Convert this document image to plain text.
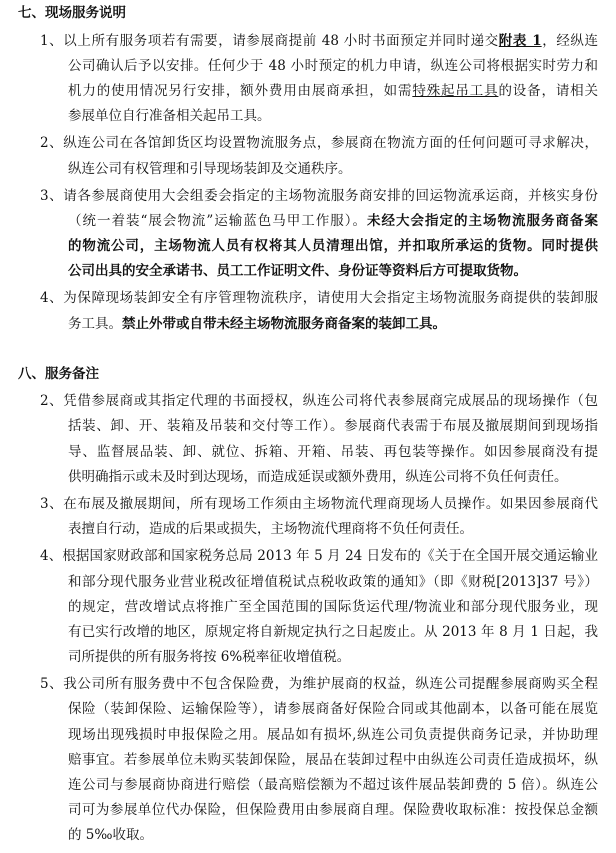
七、现场服务说明
1、以上所有服务项若有需要，请参展商提前 48 小时书面预定并同时递交附表 1，经纵连
公司确认后予以安排。任何少于 48 小时预定的机力申请，纵连公司将根据实时劳力和
机力的使用情况另行安排，额外费用由展商承担，如需特殊起吊工具的设备，请相关
参展单位自行准备相关起吊工具。
2、纵连公司在各馆卸货区均设置物流服务点，参展商在物流方面的任何问题可寻求解决，
纵连公司有权管理和引导现场装卸及交通秩序。
3、请各参展商使用大会组委会指定的主场物流服务商安排的回运物流承运商，并核实身份
（统一着装“展会物流”运输蓝色马甲工作服）。未经大会指定的主场物流服务商备案
的物流公司，主场物流人员有权将其人员清理出馆，并扣取所承运的货物。同时提供
公司出具的安全承诺书、员工工作证明文件、身份证等资料后方可提取货物。
4、为保障现场装卸安全有序管理物流秩序，请使用大会指定主场物流服务商提供的装卸服
务工具。禁止外带或自带未经主场物流服务商备案的装卸工具。
八、服务备注
2、凭借参展商或其指定代理的书面授权，纵连公司将代表参展商完成展品的现场操作（包
括装、卸、开、装箱及吊装和交付等工作）。参展商代表需于布展及撤展期间到现场指
导、监督展品装、卸、就位、拆箱、开箱、吊装、再包装等操作。如因参展商没有提
供明确指示或未及时到达现场，而造成延误或额外费用，纵连公司将不负任何责任。
3、在布展及撤展期间，所有现场工作须由主场物流代理商现场人员操作。如果因参展商代
表擅自行动，造成的后果或损失，主场物流代理商将不负任何责任。
4、根据国家财政部和国家税务总局 2013 年 5 月 24 日发布的《关于在全国开展交通运输业
和部分现代服务业营业税改征增值税试点税收政策的通知》（即《财税[2013]37 号》）
的规定，营改增试点将推广至全国范围的国际货运代理/物流业和部分现代服务业，现
有已实行改增的地区，原规定将自新规定执行之日起废止。从 2013 年 8 月 1 日起，我
司所提供的所有服务将按 6%税率征收增值税。
5、我公司所有服务费中不包含保险费，为维护展商的权益，纵连公司提醒参展商购买全程
保险（装卸保险、运输保险等），请参展商备好保险合同或其他副本，以备可能在展览
现场出现残损时申报保险之用。展品如有损坏,纵连公司负责提供商务记录，并协助理
赔事宜。若参展单位未购买装卸保险，展品在装卸过程中由纵连公司责任造成损坏，纵
连公司与参展商协商进行赔偿（最高赔偿额为不超过该件展品装卸费的 5 倍）。纵连公
司可为参展单位代办保险，但保险费用由参展商自理。保险费收取标准：按投保总金额
的 5‰收取。
